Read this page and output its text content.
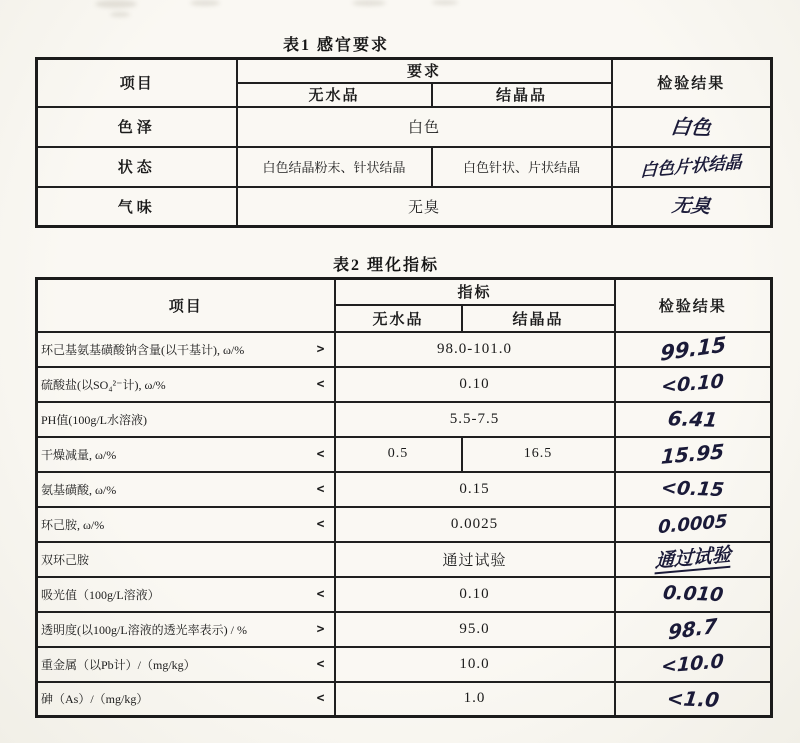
表1 感官要求
项目	要求		检验结果
	无水品	结晶品	
色泽	白色		白色
状态	白色结晶粉末、针状结晶	白色针状、片状结晶	白色片状结晶
气味	无臭		无臭
表2 理化指标
项目	指标		检验结果
	无水品	结晶品	

环己基氨基磺酸钠含量(以干基计), ω/% >	98.0-101.0		99.15

硫酸盐(以SO₄²⁻计), ω/% <	0.10		<0.10

PH值(100g/L水溶液)	5.5-7.5		6.41

干燥减量, ω/% <	0.5	16.5	15.95

氨基磺酸, ω/% <	0.15		<0.15

环己胺, ω/% <	0.0025		0.0005

双环己胺	通过试验		通过试验

吸光值（100g/L溶液） <	0.10		0.010

透明度(以100g/L溶液的透光率表示) / % >	95.0		98.7

重金属（以Pb计）/（mg/kg） <	10.0		<10.0

砷（As）/（mg/kg） <	1.0		<1.0
